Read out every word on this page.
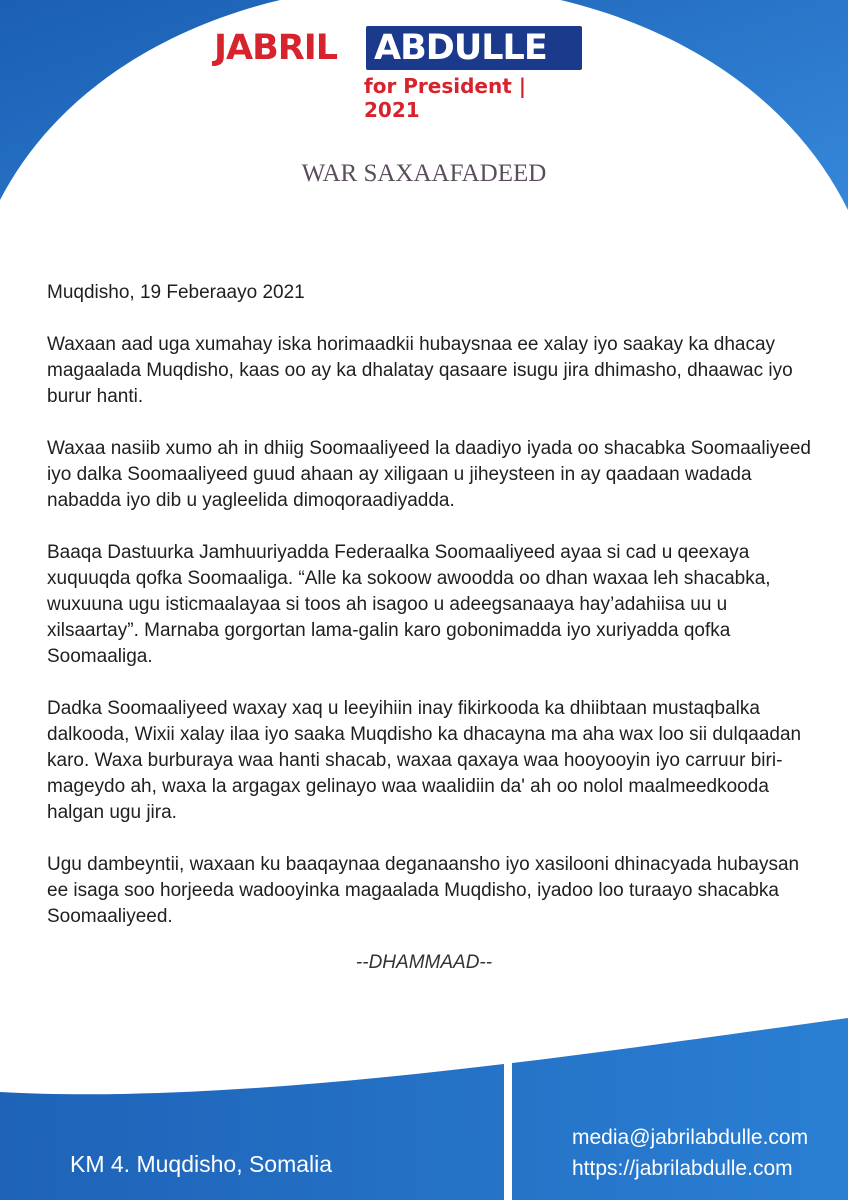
JABRIL ABDULLE
for President | 2021
WAR SAXAAFADEED

Muqdisho, 19 Feberaayo 2021

Waxaan aad uga xumahay iska horimaadkii hubaysnaa ee xalay iyo saakay ka dhacay magaalada Muqdisho, kaas oo ay ka dhalatay qasaare isugu jira dhimasho, dhaawac iyo burur hanti.

Waxaa nasiib xumo ah in dhiig Soomaaliyeed la daadiyo iyada oo shacabka Soomaaliyeed iyo dalka Soomaaliyeed guud ahaan ay xiligaan u jiheysteen in ay qaadaan wadada nabadda iyo dib u yagleelida dimoqoraadiyadda.

Baaqa Dastuurka Jamhuuriyadda Federaalka Soomaaliyeed ayaa si cad u qeexaya xuquuqda qofka Soomaaliga. “Alle ka sokoow awoodda oo dhan waxaa leh shacabka, wuxuuna ugu isticmaalayaa si toos ah isagoo u adeegsanaaya hay’adahiisa uu u xilsaartay”. Marnaba gorgortan lama-galin karo gobonimadda iyo xuriyadda qofka Soomaaliga.

Dadka Soomaaliyeed waxay xaq u leeyihiin inay fikirkooda ka dhiibtaan mustaqbalka dalkooda, Wixii xalay ilaa iyo saaka Muqdisho ka dhacayna ma aha wax loo sii dulqaadan karo. Waxa burburaya waa hanti shacab, waxaa qaxaya waa hooyooyin iyo carruur biri-mageydo ah, waxa la argagax gelinayo waa waalidiin da' ah oo nolol maalmeedkooda halgan ugu jira.

Ugu dambeyntii, waxaan ku baaqaynaa deganaansho iyo xasilooni dhinacyada hubaysan ee isaga soo horjeeda wadooyinka magaalada Muqdisho, iyadoo loo turaayo shacabka Soomaaliyeed.

--DHAMMAAD--
KM 4. Muqdisho, Somalia
media@jabrilabdulle.com
https://jabrilabdulle.com
